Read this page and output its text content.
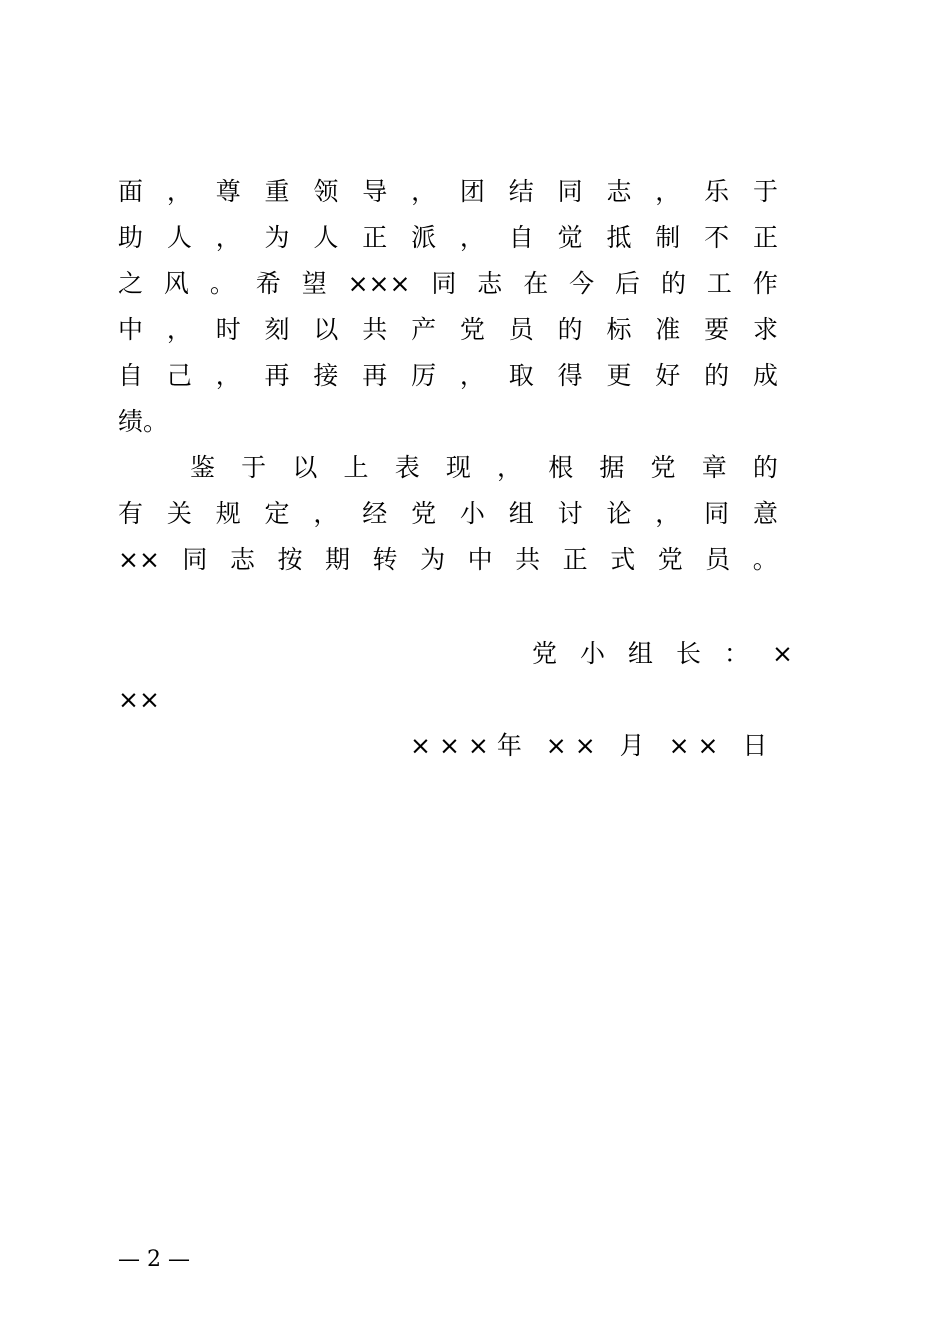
面 ， 尊 重 领 导 ， 团 结 同 志 ， 乐 于
助 人 ， 为 人 正 派 ， 自 觉 抵 制 不 正
之 风 。 希 望 ××× 同 志 在 今 后 的 工 作
中 ， 时 刻 以 共 产 党 员 的 标 准 要 求
自 己 ， 再 接 再 厉 ， 取 得 更 好 的 成
绩 。
鉴 于 以 上 表 现 ， 根 据 党 章 的
有 关 规 定 ， 经 党 小 组 讨 论 ， 同 意
×× 同 志 按 期 转 为 中 共 正 式 党 员 。
党小组长：×
××
×××年 ×× 月 ×× 日
— 2 —
